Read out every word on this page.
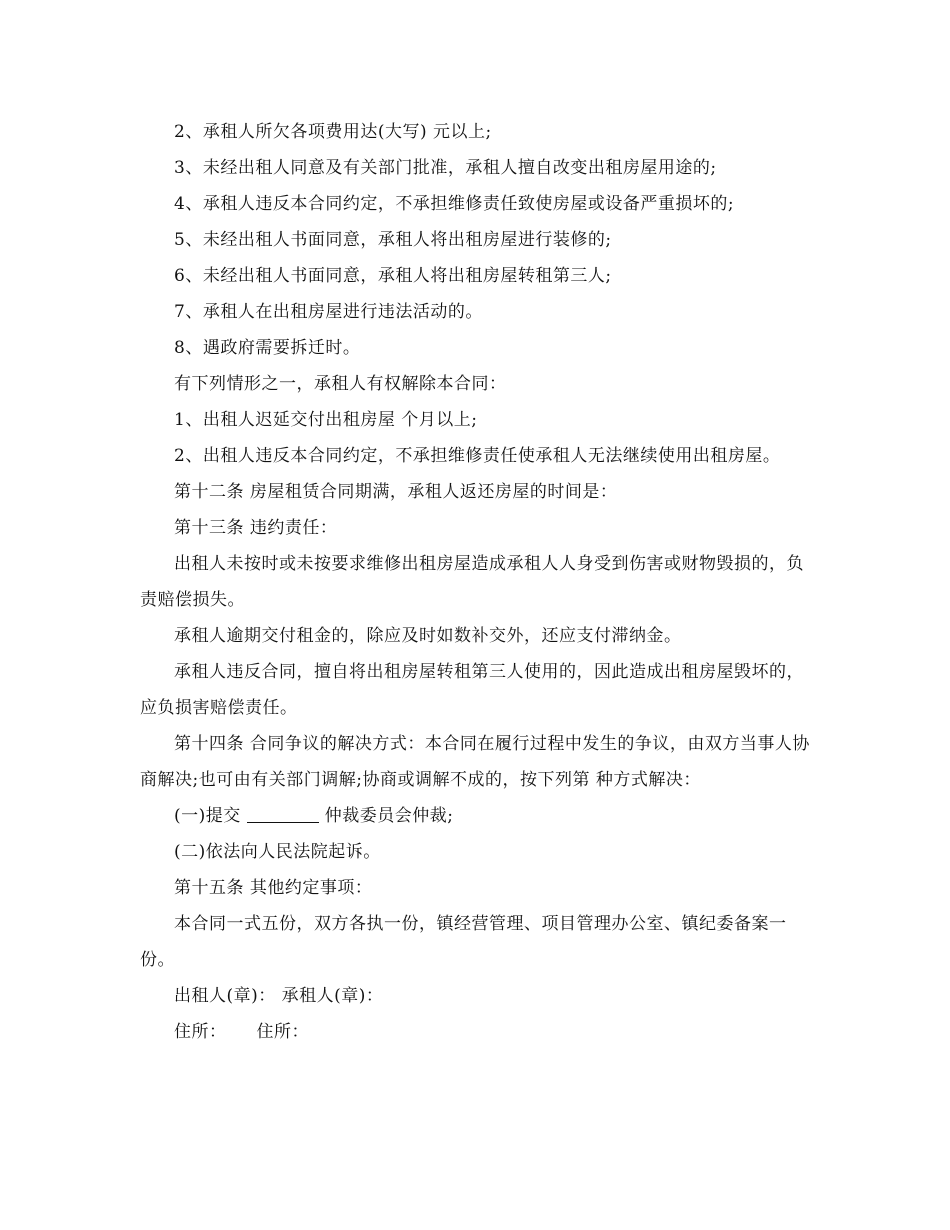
2、承租人所欠各项费用达(大写) 元以上;

3、未经出租人同意及有关部门批准，承租人擅自改变出租房屋用途的;

4、承租人违反本合同约定，不承担维修责任致使房屋或设备严重损坏的;

5、未经出租人书面同意，承租人将出租房屋进行装修的;

6、未经出租人书面同意，承租人将出租房屋转租第三人;

7、承租人在出租房屋进行违法活动的。

8、遇政府需要拆迁时。

有下列情形之一，承租人有权解除本合同：

1、出租人迟延交付出租房屋 个月以上;

2、出租人违反本合同约定，不承担维修责任使承租人无法继续使用出租房屋。

第十二条 房屋租赁合同期满，承租人返还房屋的时间是：

第十三条 违约责任：

出租人未按时或未按要求维修出租房屋造成承租人人身受到伤害或财物毁损的，负责赔偿损失。

承租人逾期交付租金的，除应及时如数补交外，还应支付滞纳金。

承租人违反合同，擅自将出租房屋转租第三人使用的，因此造成出租房屋毁坏的，应负损害赔偿责任。

第十四条 合同争议的解决方式：本合同在履行过程中发生的争议，由双方当事人协商解决;也可由有关部门调解;协商或调解不成的，按下列第 种方式解决：

(一)提交	仲裁委员会仲裁;

(二)依法向人民法院起诉。

第十五条 其他约定事项：

本合同一式五份，双方各执一份，镇经营管理、项目管理办公室、镇纪委备案一份。

出租人(章)： 承租人(章)：

住所： 住所：
